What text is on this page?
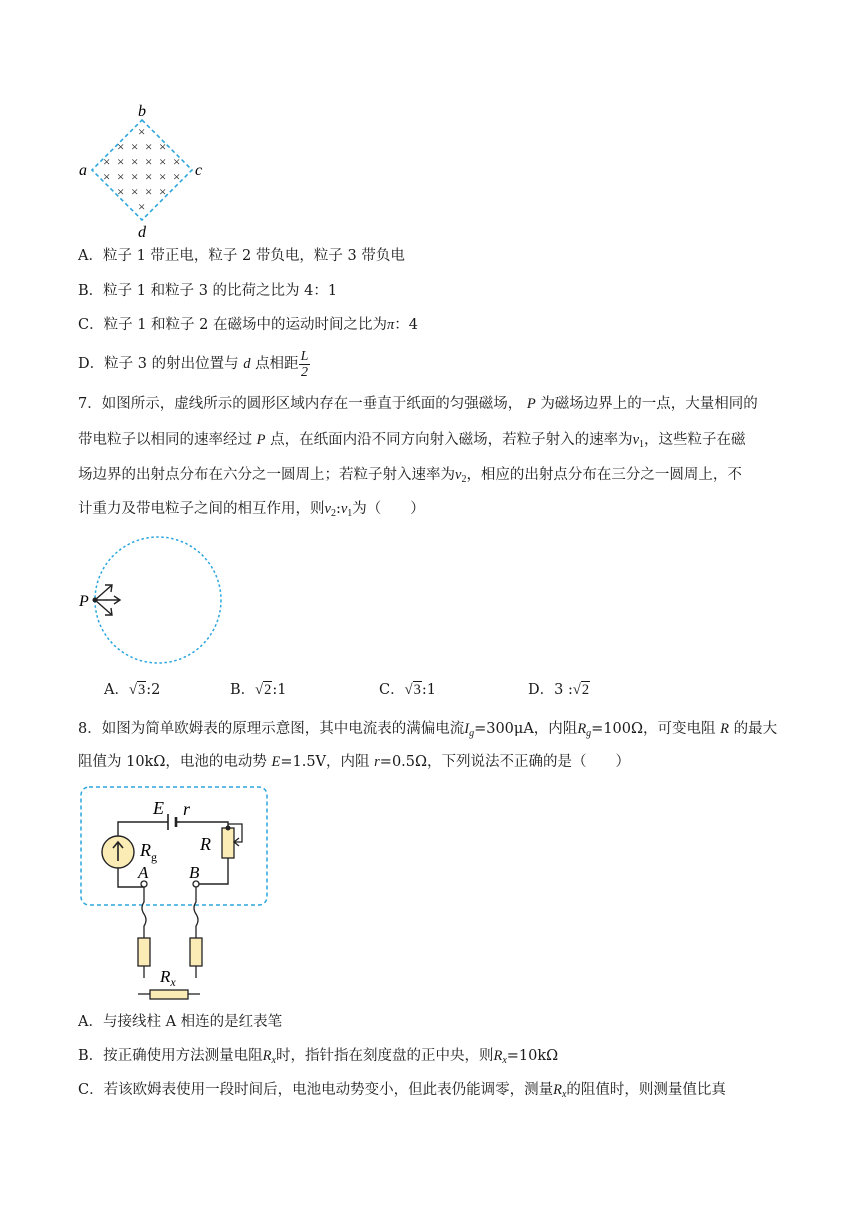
×
× × × ×
× × × × × ×
× × × × × ×
× × × ×
×
b
a	c
d
A．粒子 1 带正电，粒子 2 带负电，粒子 3 带负电
B．粒子 1 和粒子 3 的比荷之比为 4：1
C．粒子 1 和粒子 2 在磁场中的运动时间之比为π：4
D．粒子 3 的射出位置与 d 点相距 $\frac{L}{2}$
7．如图所示，虚线所示的圆形区域内存在一垂直于纸面的匀强磁场， P 为磁场边界上的一点，大量相同的
带电粒子以相同的速率经过 P 点，在纸面内沿不同方向射入磁场，若粒子射入的速率为$v_1$，这些粒子在磁
场边界的出射点分布在六分之一圆周上；若粒子射入速率为$v_2$，相应的出射点分布在三分之一圆周上，不
计重力及带电粒子之间的相互作用，则$v_2:v_1$为（　　）
P
A．√3:2	B．√2:1	C．√3:1	D．3 :√2
8．如图为简单欧姆表的原理示意图，其中电流表的满偏电流$I_g=300\mu A$，内阻$R_g=100\Omega$，可变电阻 R 的最大
阻值为 10kΩ，电池的电动势 E=1.5V，内阻 r=0.5Ω，下列说法不正确的是（　　）
E r
$R_g$
R
A B
$R_x$
A．与接线柱 A 相连的是红表笔
B．按正确使用方法测量电阻$R_x$时，指针指在刻度盘的正中央，则$R_x=10k\Omega$
C．若该欧姆表使用一段时间后，电池电动势变小，但此表仍能调零，测量$R_x$的阻值时，则测量值比真
